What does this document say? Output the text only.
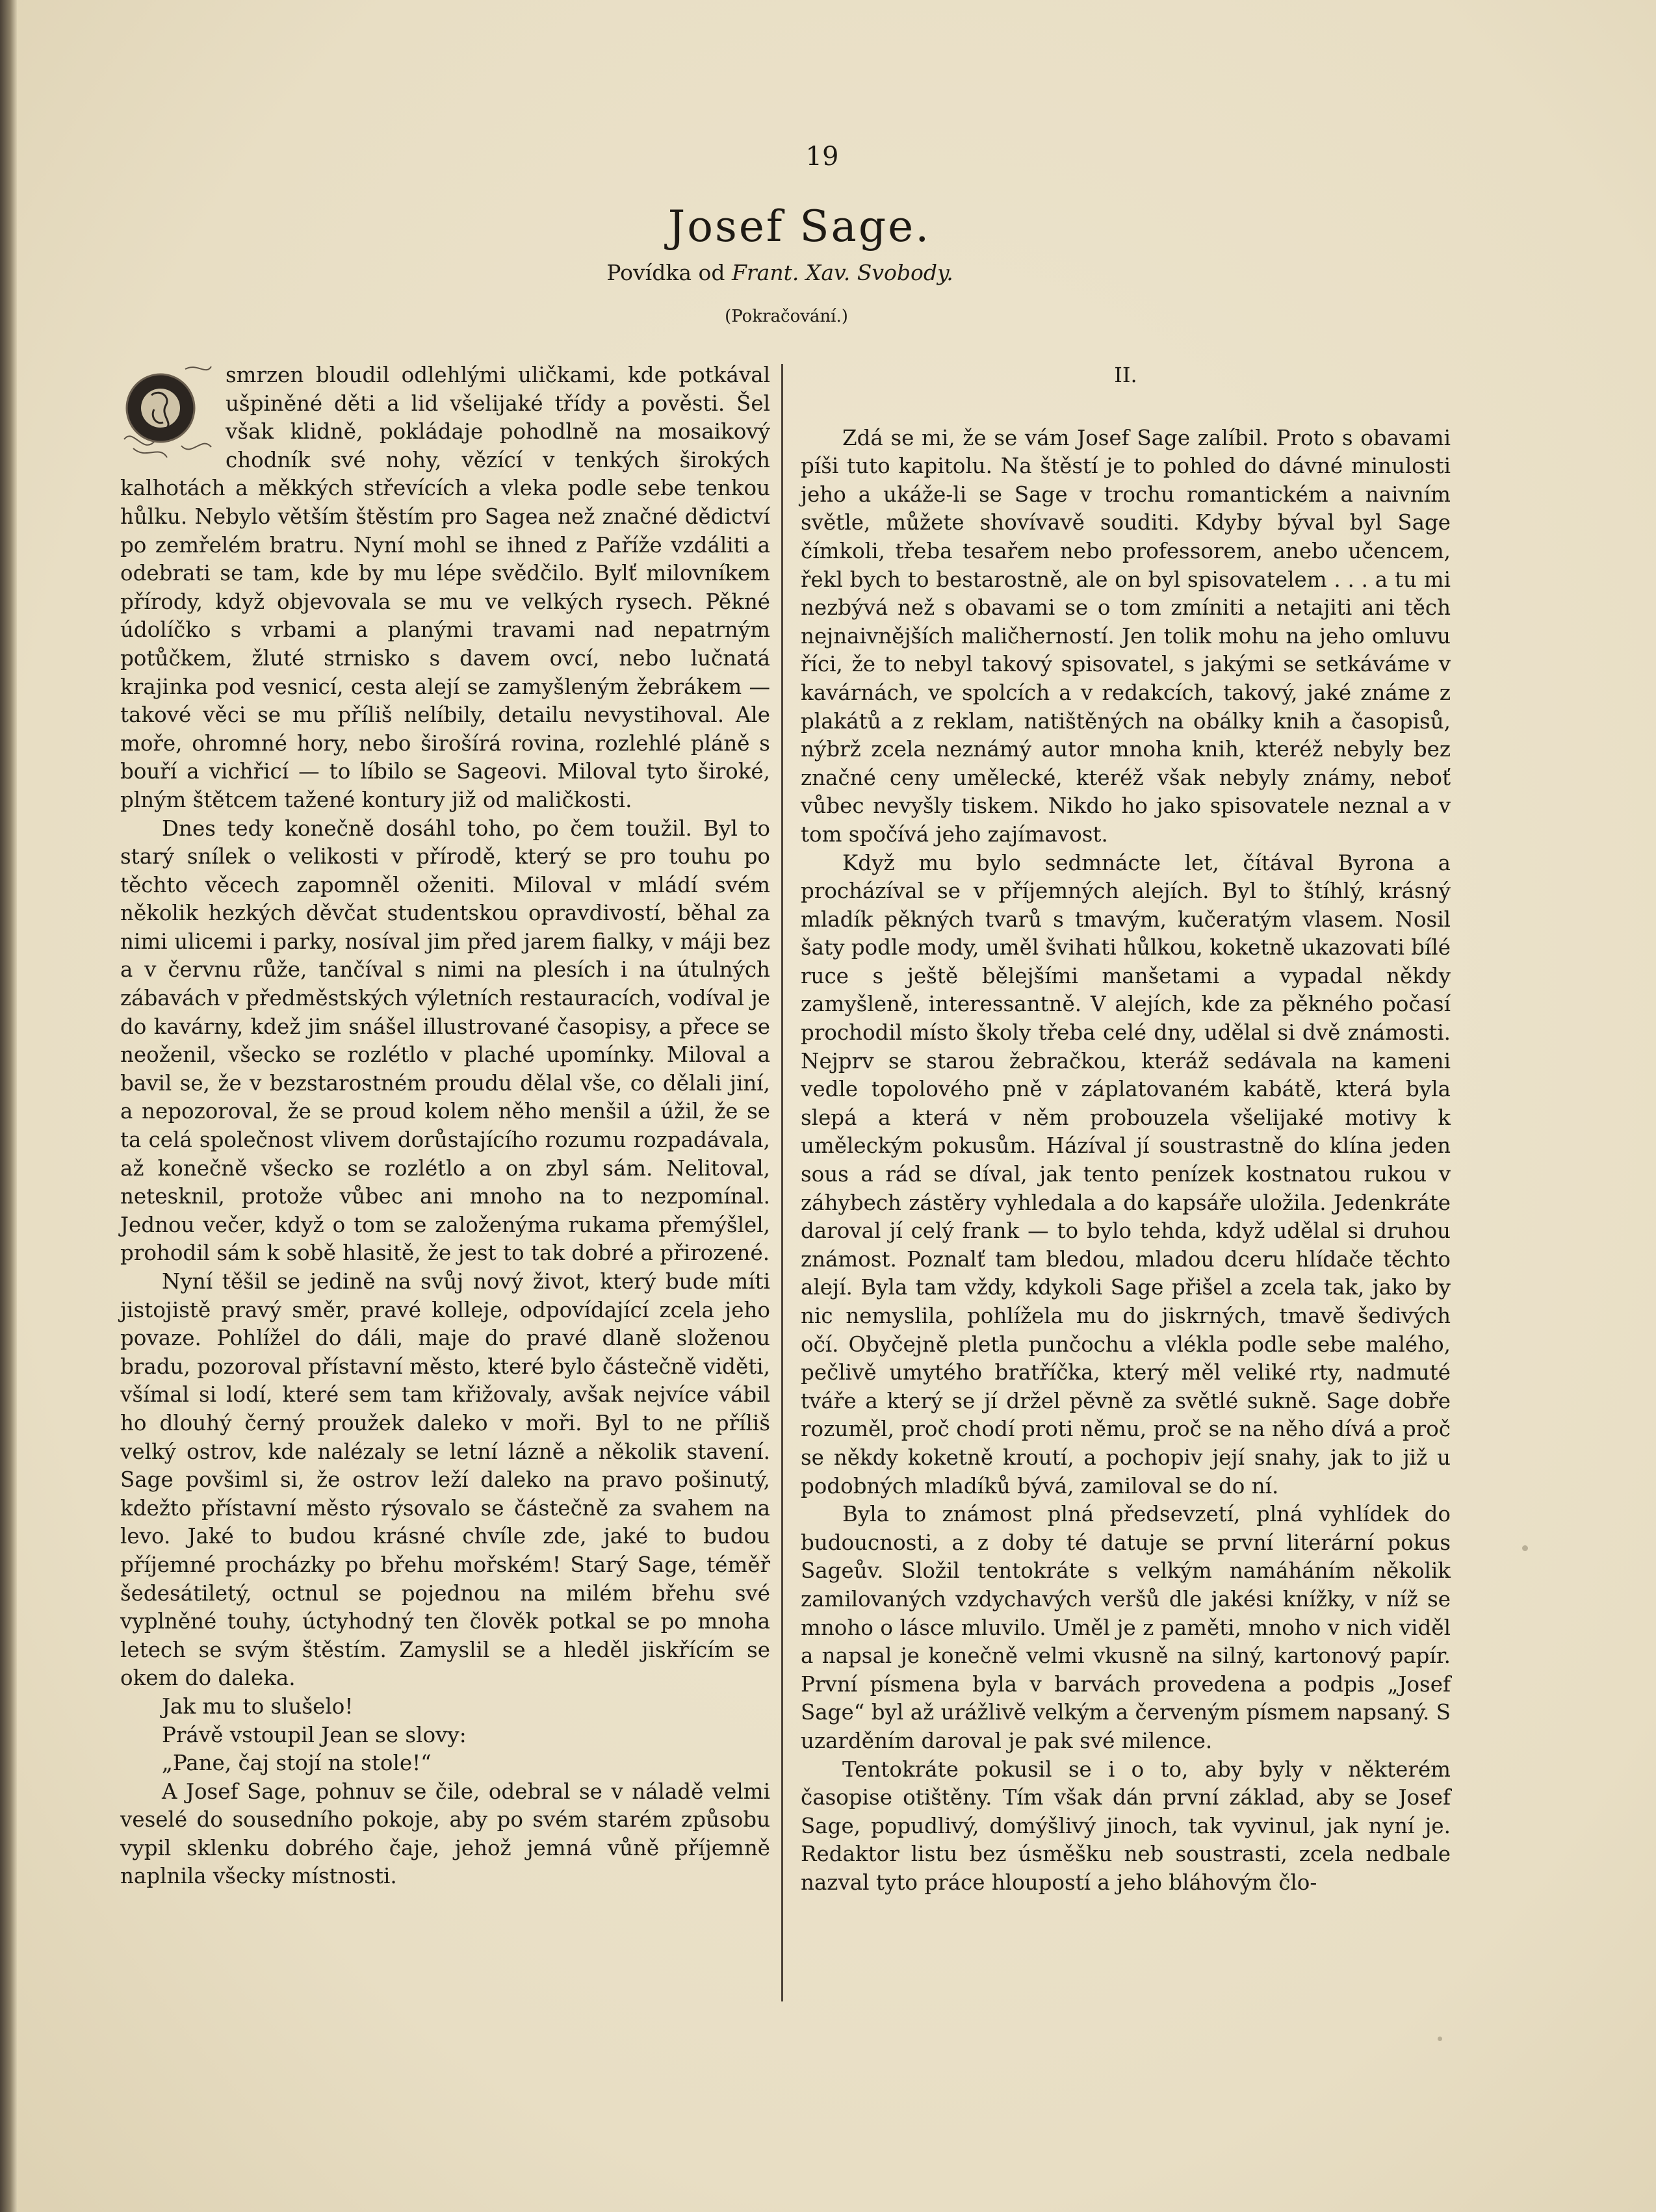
19
Josef Sage.
Povídka od Frant. Xav. Svobody.
(Pokračování.)

smrzen bloudil odlehlými uličkami, kde potkával ušpiněné děti a lid všelijaké třídy a pověsti. Šel však klidně, pokládaje pohodlně na mosaikový chodník své nohy, vězící v tenkých širokých kalhotách a měkkých střevících a vleka podle sebe tenkou hůlku. Nebylo větším štěstím pro Sagea než značné dědictví po zemřelém bratru. Nyní mohl se ihned z Paříže vzdáliti a odebrati se tam, kde by mu lépe svědčilo. Bylť milovníkem přírody, když objevovala se mu ve velkých rysech. Pěkné údolíčko s vrbami a planými travami nad nepatrným potůčkem, žluté strnisko s davem ovcí, nebo lučnatá krajinka pod vesnicí, cesta alejí se zamyšleným žebrákem — takové věci se mu příliš nelíbily, detailu nevystihoval. Ale moře, ohromné hory, nebo širošírá rovina, rozlehlé pláně s bouří a vichřicí — to líbilo se Sageovi. Miloval tyto široké, plným štětcem tažené kontury již od maličkosti.

Dnes tedy konečně dosáhl toho, po čem toužil. Byl to starý snílek o velikosti v přírodě, který se pro touhu po těchto věcech zapomněl oženiti. Miloval v mládí svém několik hezkých děvčat studentskou opravdivostí, běhal za nimi ulicemi i parky, nosíval jim před jarem fialky, v máji bez a v červnu růže, tančíval s nimi na plesích i na útulných zábavách v předměstských výletních restauracích, vodíval je do kavárny, kdež jim snášel illustrované časopisy, a přece se neoženil, všecko se rozlétlo v plaché upomínky. Miloval a bavil se, že v bezstarostném proudu dělal vše, co dělali jiní, a nepozoroval, že se proud kolem něho menšil a úžil, že se ta celá společnost vlivem dorůstajícího rozumu rozpadávala, až konečně všecko se rozlétlo a on zbyl sám. Nelitoval, netesknil, protože vůbec ani mnoho na to nezpomínal. Jednou večer, když o tom se založenýma rukama přemýšlel, prohodil sám k sobě hlasitě, že jest to tak dobré a přirozené.

Nyní těšil se jedině na svůj nový život, který bude míti jistojistě pravý směr, pravé kolleje, odpovídající zcela jeho povaze. Pohlížel do dáli, maje do pravé dlaně složenou bradu, pozoroval přístavní město, které bylo částečně viděti, všímal si lodí, které sem tam křižovaly, avšak nejvíce vábil ho dlouhý černý proužek daleko v moři. Byl to ne příliš velký ostrov, kde nalézaly se letní lázně a několik stavení. Sage povšiml si, že ostrov leží daleko na pravo pošinutý, kdežto přístavní město rýsovalo se částečně za svahem na levo. Jaké to budou krásné chvíle zde, jaké to budou příjemné procházky po břehu mořském! Starý Sage, téměř šedesátiletý, octnul se pojednou na milém břehu své vyplněné touhy, úctyhodný ten člověk potkal se po mnoha letech se svým štěstím. Zamyslil se a hleděl jiskřícím se okem do daleka.

Jak mu to slušelo!

Právě vstoupil Jean se slovy:

„Pane, čaj stojí na stole!“

A Josef Sage, pohnuv se čile, odebral se v náladě velmi veselé do sousedního pokoje, aby po svém starém způsobu vypil sklenku dobrého čaje, jehož jemná vůně příjemně naplnila všecky místnosti.

II.

Zdá se mi, že se vám Josef Sage zalíbil. Proto s obavami píši tuto kapitolu. Na štěstí je to pohled do dávné minulosti jeho a ukáže-li se Sage v trochu romantickém a naivním světle, můžete shovívavě souditi. Kdyby býval byl Sage čímkoli, třeba tesařem nebo professorem, anebo učencem, řekl bych to bestarostně, ale on byl spisovatelem . . . a tu mi nezbývá než s obavami se o tom zmíniti a netajiti ani těch nejnaivnějších maličherností. Jen tolik mohu na jeho omluvu říci, že to nebyl takový spisovatel, s jakými se setkáváme v kavárnách, ve spolcích a v redakcích, takový, jaké známe z plakátů a z reklam, natištěných na obálky knih a časopisů, nýbrž zcela neznámý autor mnoha knih, kteréž nebyly bez značné ceny umělecké, kteréž však nebyly známy, neboť vůbec nevyšly tiskem. Nikdo ho jako spisovatele neznal a v tom spočívá jeho zajímavost.

Když mu bylo sedmnácte let, čítával Byrona a procházíval se v příjemných alejích. Byl to štíhlý, krásný mladík pěkných tvarů s tmavým, kučeratým vlasem. Nosil šaty podle mody, uměl švihati hůlkou, koketně ukazovati bílé ruce s ještě bělejšími manšetami a vypadal někdy zamyšleně, interessantně. V alejích, kde za pěkného počasí prochodil místo školy třeba celé dny, udělal si dvě známosti. Nejprv se starou žebračkou, kteráž sedávala na kameni vedle topolového pně v záplatovaném kabátě, která byla slepá a která v něm probouzela všelijaké motivy k uměleckým pokusům. Házíval jí soustrastně do klína jeden sous a rád se díval, jak tento penízek kostnatou rukou v záhybech zástěry vyhledala a do kapsáře uložila. Jedenkráte daroval jí celý frank — to bylo tehda, když udělal si druhou známost. Poznalť tam bledou, mladou dceru hlídače těchto alejí. Byla tam vždy, kdykoli Sage přišel a zcela tak, jako by nic nemyslila, pohlížela mu do jiskrných, tmavě šedivých očí. Obyčejně pletla punčochu a vlékla podle sebe malého, pečlivě umytého bratříčka, který měl veliké rty, nadmuté tváře a který se jí držel pěvně za světlé sukně. Sage dobře rozuměl, proč chodí proti němu, proč se na něho dívá a proč se někdy koketně kroutí, a pochopiv její snahy, jak to již u podobných mladíků bývá, zamiloval se do ní.

Byla to známost plná předsevzetí, plná vyhlídek do budoucnosti, a z doby té datuje se první literární pokus Sageův. Složil tentokráte s velkým namáháním několik zamilovaných vzdychavých veršů dle jakési knížky, v níž se mnoho o lásce mluvilo. Uměl je z paměti, mnoho v nich viděl a napsal je konečně velmi vkusně na silný, kartonový papír. První písmena byla v barvách provedena a podpis „Josef Sage“ byl až urážlivě velkým a červeným písmem napsaný. S uzarděním daroval je pak své milence.

Tentokráte pokusil se i o to, aby byly v některém časopise otištěny. Tím však dán první základ, aby se Josef Sage, popudlivý, domýšlivý jinoch, tak vyvinul, jak nyní je. Redaktor listu bez úsměšku neb soustrasti, zcela nedbale nazval tyto práce hloupostí a jeho bláhovým člo-
